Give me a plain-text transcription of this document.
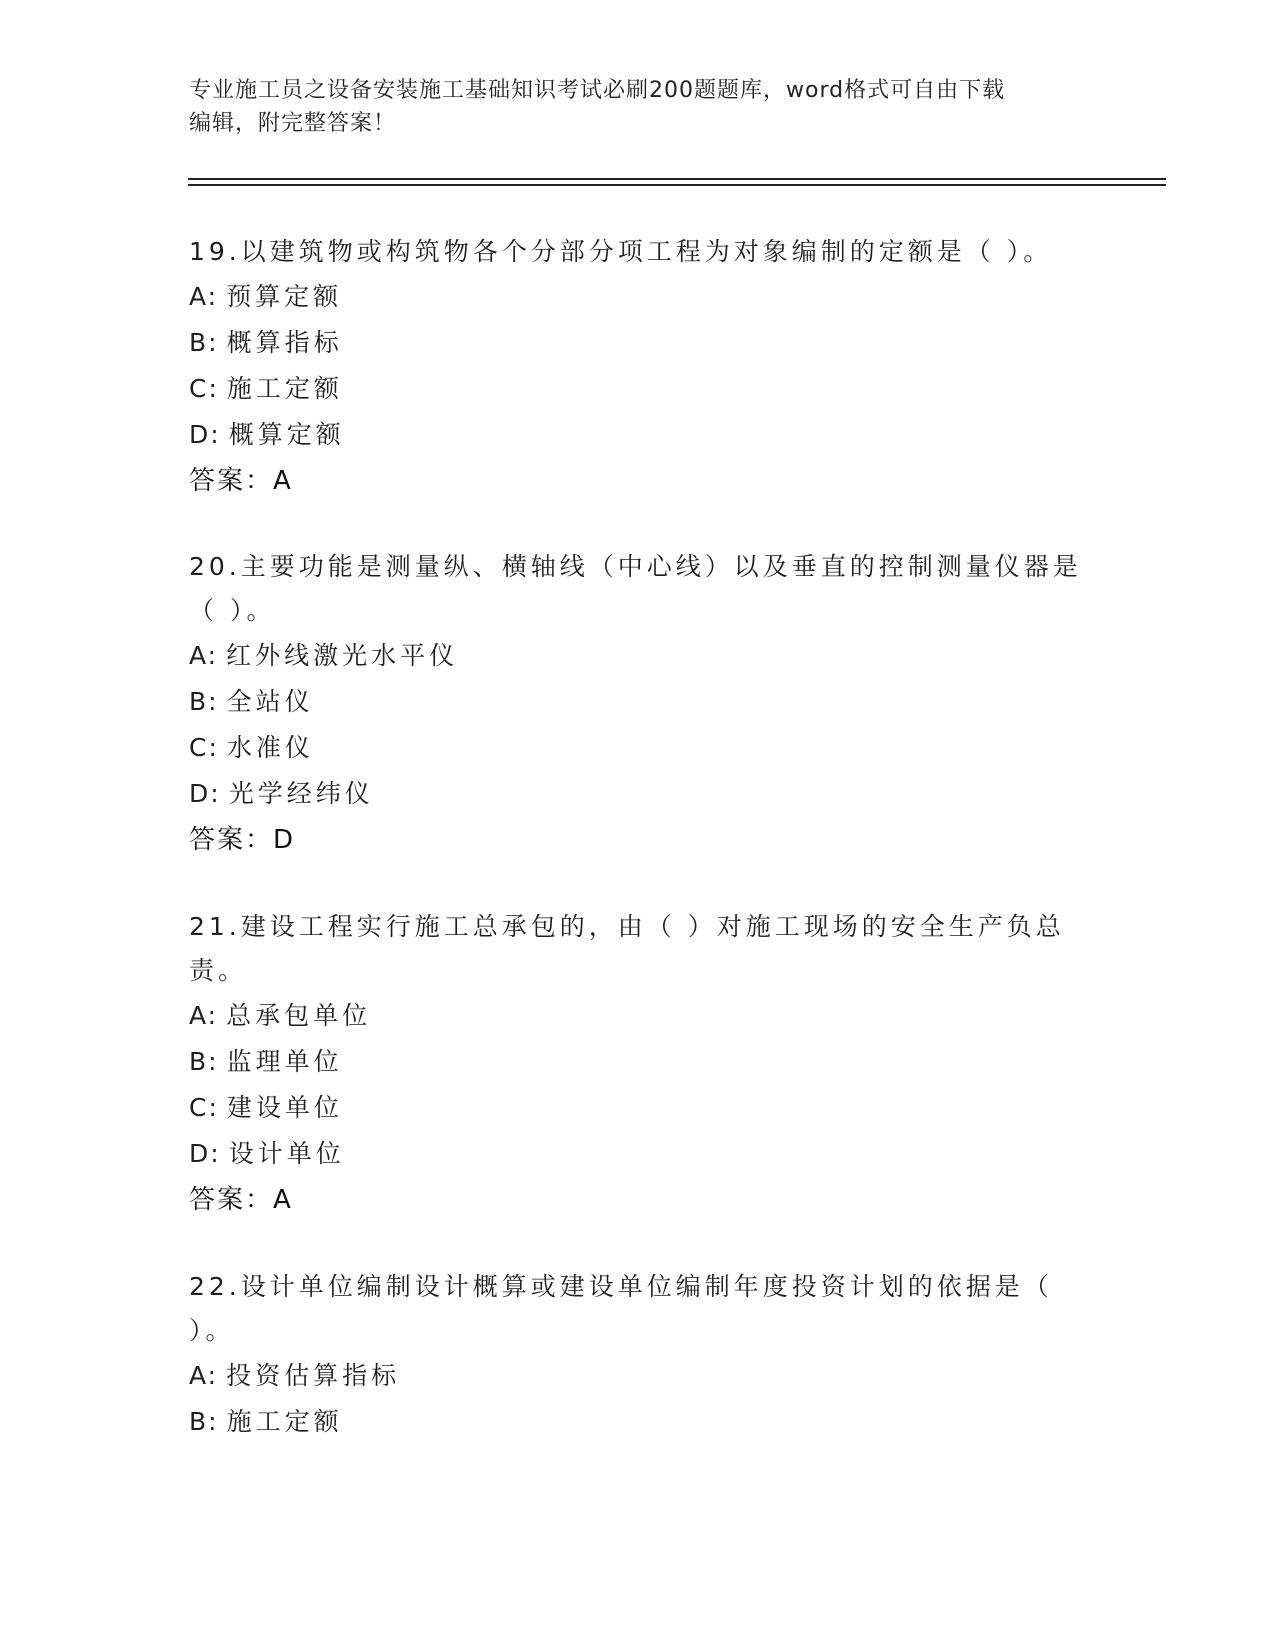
专业施工员之设备安装施工基础知识考试必刷200题题库，word格式可自由下载
编辑，附完整答案！

19.以建筑物或构筑物各个分部分项工程为对象编制的定额是（ ）。

A: 预算定额

B: 概算指标

C: 施工定额

D: 概算定额

答案：A

20.主要功能是测量纵、横轴线（中心线）以及垂直的控制测量仪器是（ ）。

A: 红外线激光水平仪

B: 全站仪

C: 水准仪

D: 光学经纬仪

答案：D

21.建设工程实行施工总承包的，由（ ）对施工现场的安全生产负总责。

A: 总承包单位

B: 监理单位

C: 建设单位

D: 设计单位

答案：A

22.设计单位编制设计概算或建设单位编制年度投资计划的依据是（ ）。

A: 投资估算指标

B: 施工定额
